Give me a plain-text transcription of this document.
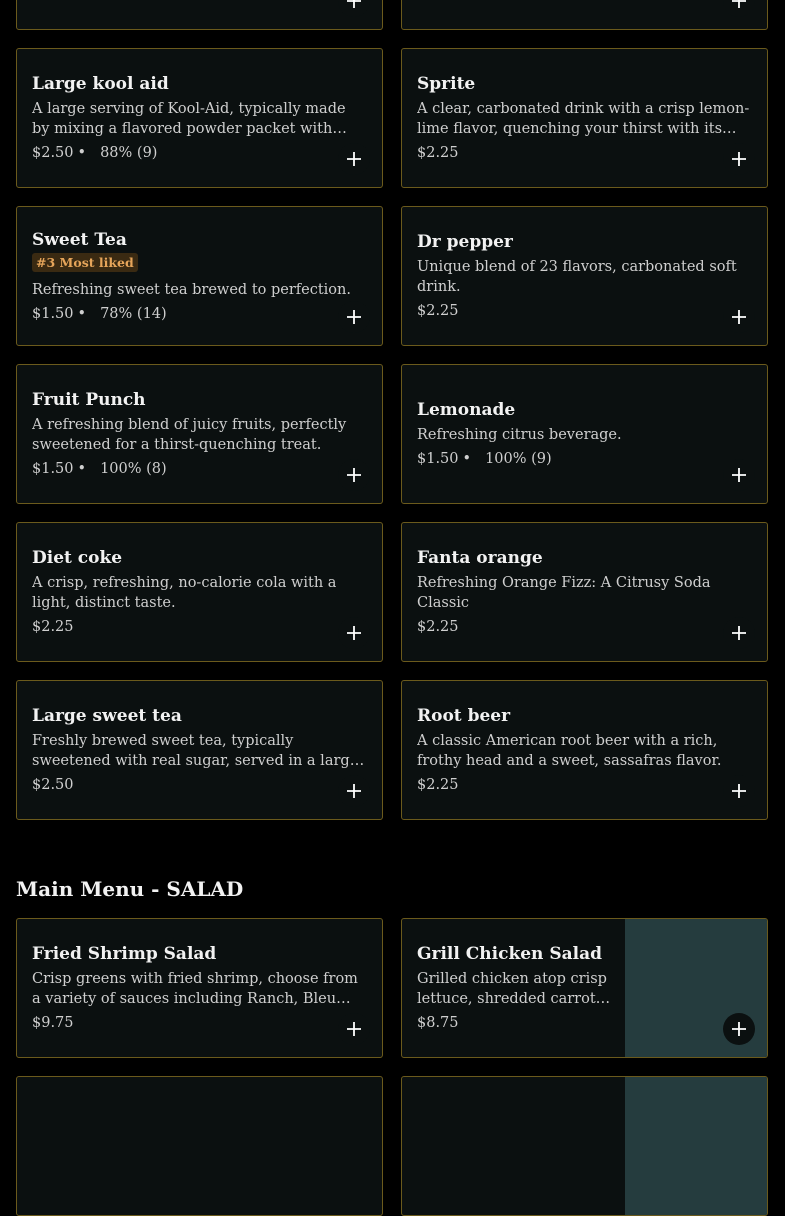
Large kool aid
A large serving of Kool-Aid, typically made by mixing a flavored powder packet with
$2.50 • 88% (9)
Sprite
A clear, carbonated drink with a crisp lemon-lime flavor, quenching your thirst with its
$2.25
Sweet Tea
#3 Most liked
Refreshing sweet tea brewed to perfection.
$1.50 • 78% (14)
Dr pepper
Unique blend of 23 flavors, carbonated soft drink.
$2.25
Fruit Punch
A refreshing blend of juicy fruits, perfectly sweetened for a thirst-quenching treat.
$1.50 • 100% (8)
Lemonade
Refreshing citrus beverage.
$1.50 • 100% (9)
Diet coke
A crisp, refreshing, no-calorie cola with a light, distinct taste.
$2.25
Fanta orange
Refreshing Orange Fizz: A Citrusy Soda Classic
$2.25
Large sweet tea
Freshly brewed sweet tea, typically sweetened with real sugar, served in a large
$2.50
Root beer
A classic American root beer with a rich, frothy head and a sweet, sassafras flavor.
$2.25
Main Menu - SALAD
Fried Shrimp Salad
Crisp greens with fried shrimp, choose from a variety of sauces including Ranch, Bleu
$9.75
Grill Chicken Salad
Grilled chicken atop crisp lettuce, shredded carrots,
$8.75
